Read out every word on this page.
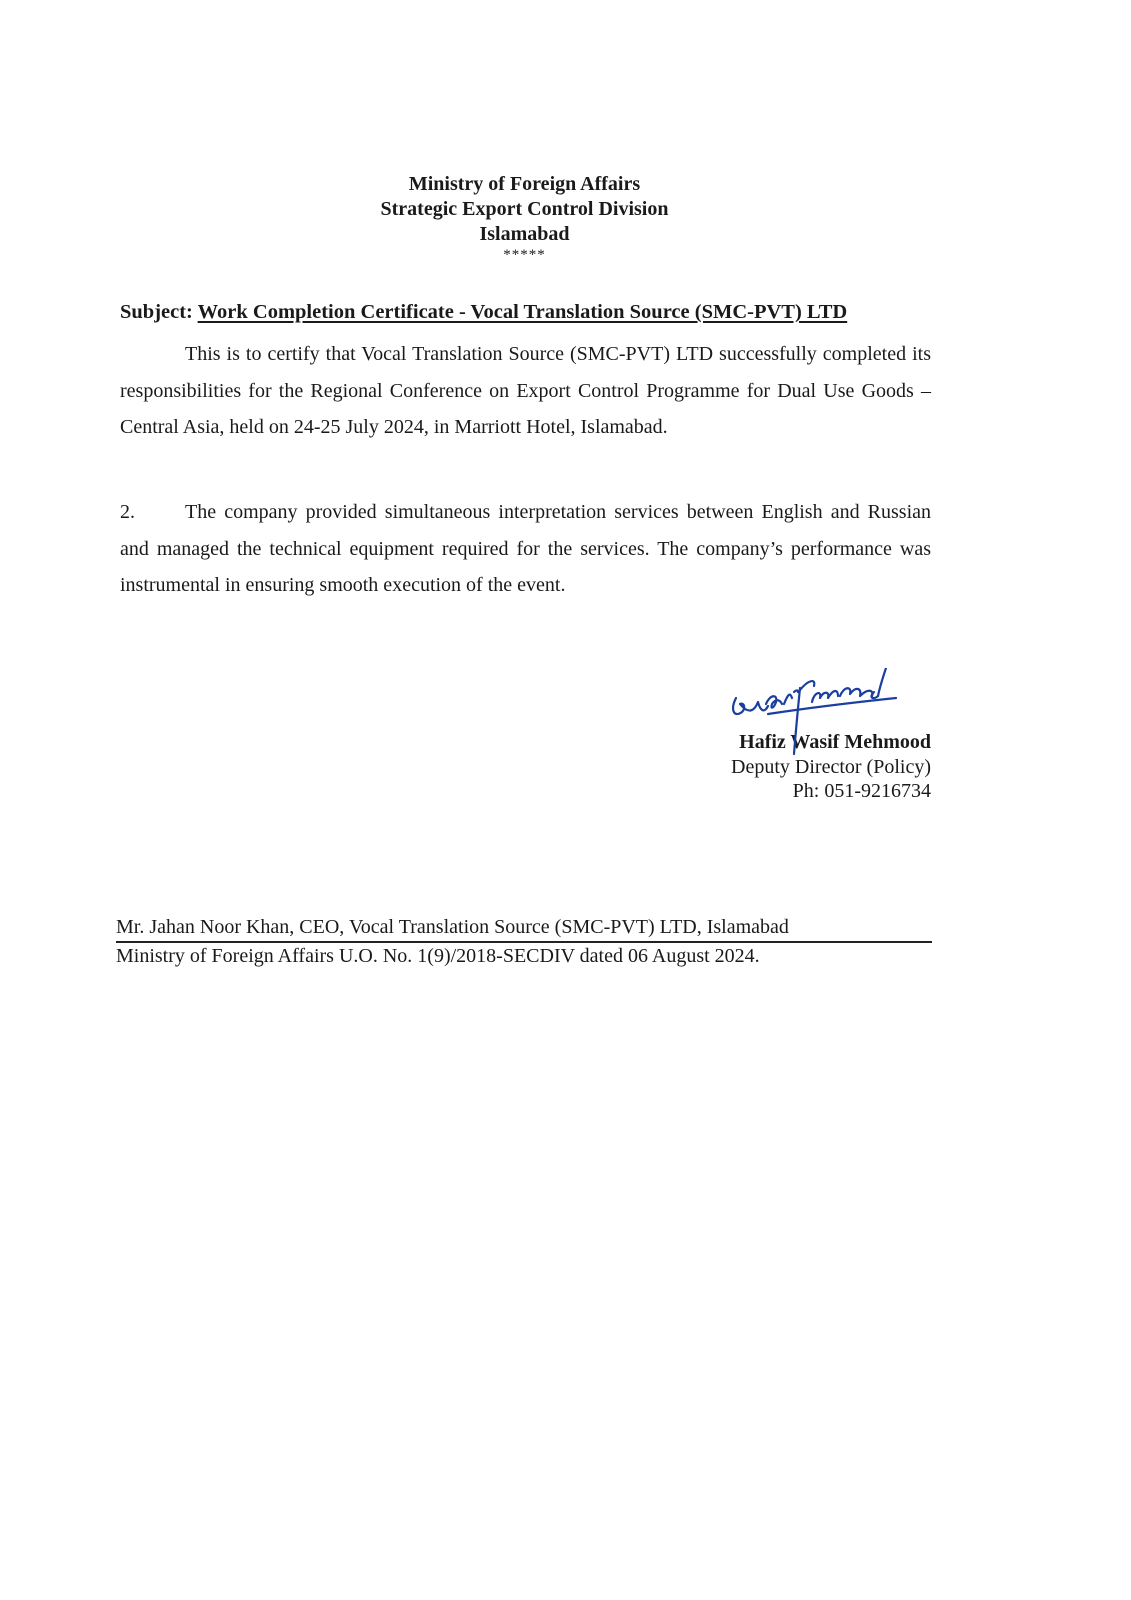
Ministry of Foreign Affairs
Strategic Export Control Division
Islamabad
*****
Subject: Work Completion Certificate - Vocal Translation Source (SMC-PVT) LTD

This is to certify that Vocal Translation Source (SMC-PVT) LTD successfully completed its responsibilities for the Regional Conference on Export Control Programme for Dual Use Goods – Central Asia, held on 24-25 July 2024, in Marriott Hotel, Islamabad.

2.	The company provided simultaneous interpretation services between English and Russian and managed the technical equipment required for the services. The company’s performance was instrumental in ensuring smooth execution of the event.

Hafiz Wasif Mehmood
Deputy Director (Policy)
Ph: 051-9216734
Mr. Jahan Noor Khan, CEO, Vocal Translation Source (SMC-PVT) LTD, Islamabad
Ministry of Foreign Affairs U.O. No. 1(9)/2018-SECDIV dated 06 August 2024.
